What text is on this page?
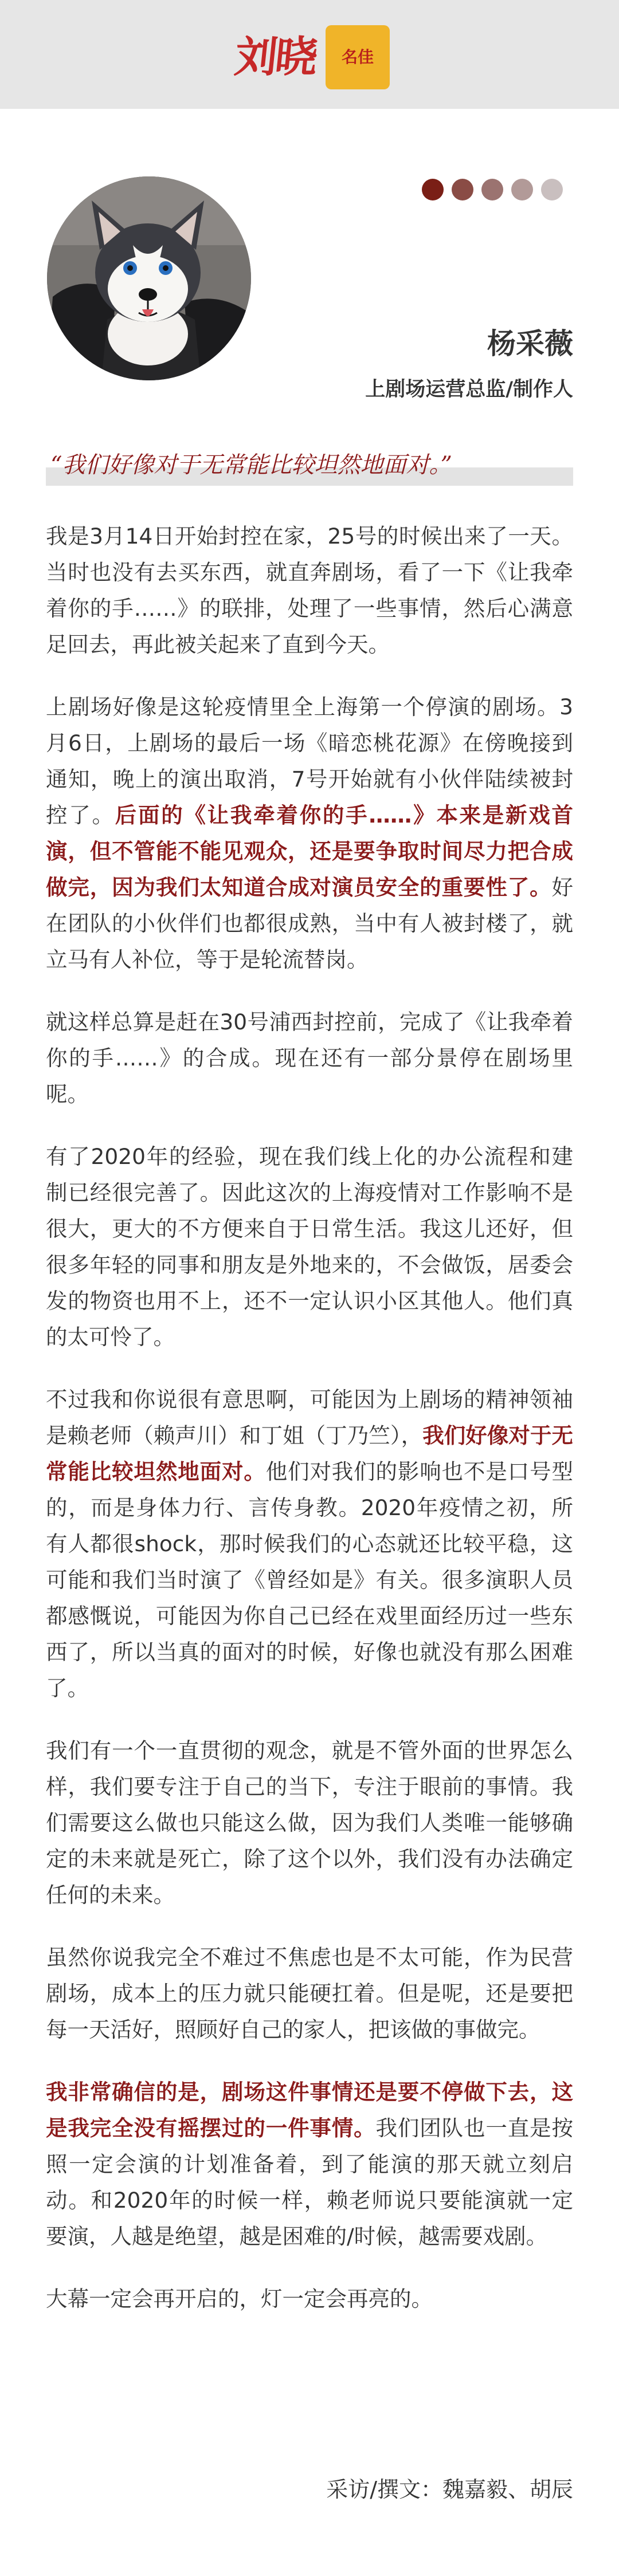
刘晓 名佳
杨采薇
上剧场运营总监/制作人
“我们好像对于无常能比较坦然地面对。”

我是3月14日开始封控在家，25号的时候出来了一天。当时也没有去买东西，就直奔剧场，看了一下《让我牵着你的手……》的联排，处理了一些事情，然后心满意足回去，再此被关起来了直到今天。

上剧场好像是这轮疫情里全上海第一个停演的剧场。3月6日，上剧场的最后一场《暗恋桃花源》在傍晚接到通知，晚上的演出取消，7号开始就有小伙伴陆续被封控了。后面的《让我牵着你的手……》本来是新戏首演，但不管能不能见观众，还是要争取时间尽力把合成做完，因为我们太知道合成对演员安全的重要性了。好在团队的小伙伴们也都很成熟，当中有人被封楼了，就立马有人补位，等于是轮流替岗。

就这样总算是赶在30号浦西封控前，完成了《让我牵着你的手……》的合成。现在还有一部分景停在剧场里呢。

有了2020年的经验，现在我们线上化的办公流程和建制已经很完善了。因此这次的上海疫情对工作影响不是很大，更大的不方便来自于日常生活。我这儿还好，但很多年轻的同事和朋友是外地来的，不会做饭，居委会发的物资也用不上，还不一定认识小区其他人。他们真的太可怜了。

不过我和你说很有意思啊，可能因为上剧场的精神领袖是赖老师（赖声川）和丁姐（丁乃竺），我们好像对于无常能比较坦然地面对。他们对我们的影响也不是口号型的，而是身体力行、言传身教。2020年疫情之初，所有人都很shock，那时候我们的心态就还比较平稳，这可能和我们当时演了《曾经如是》有关。很多演职人员都感慨说，可能因为你自己已经在戏里面经历过一些东西了，所以当真的面对的时候，好像也就没有那么困难了。

我们有一个一直贯彻的观念，就是不管外面的世界怎么样，我们要专注于自己的当下，专注于眼前的事情。我们需要这么做也只能这么做，因为我们人类唯一能够确定的未来就是死亡，除了这个以外，我们没有办法确定任何的未来。

虽然你说我完全不难过不焦虑也是不太可能，作为民营剧场，成本上的压力就只能硬扛着。但是呢，还是要把每一天活好，照顾好自己的家人，把该做的事做完。

我非常确信的是，剧场这件事情还是要不停做下去，这是我完全没有摇摆过的一件事情。我们团队也一直是按照一定会演的计划准备着，到了能演的那天就立刻启动。和2020年的时候一样，赖老师说只要能演就一定要演，人越是绝望，越是困难的/时候，越需要戏剧。

大幕一定会再开启的，灯一定会再亮的。

采访/撰文：魏嘉毅、胡辰
